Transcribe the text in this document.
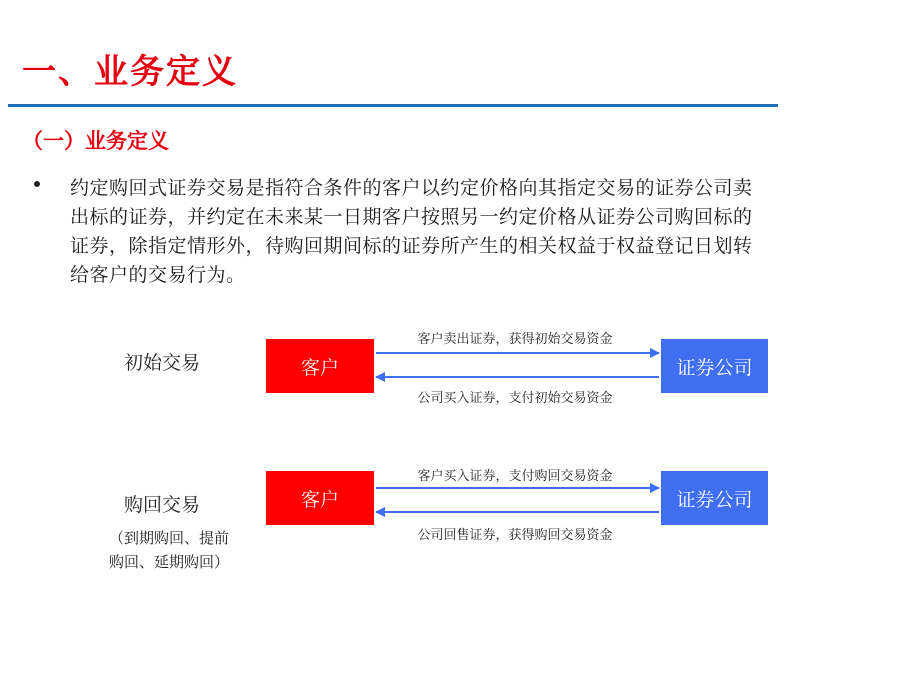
一、业务定义
（一）业务定义
约定购回式证券交易是指符合条件的客户以约定价格向其指定交易的证券公司卖
出标的证券，并约定在未来某一日期客户按照另一约定价格从证券公司购回标的
证券，除指定情形外，待购回期间标的证券所产生的相关权益于权益登记日划转
给客户的交易行为。
初始交易	客户	证券公司
客户卖出证券，获得初始交易资金
公司买入证券，支付初始交易资金
购回交易
（到期购回、提前
购回、延期购回）
客户	证券公司
客户买入证券，支付购回交易资金
公司回售证券，获得购回交易资金
